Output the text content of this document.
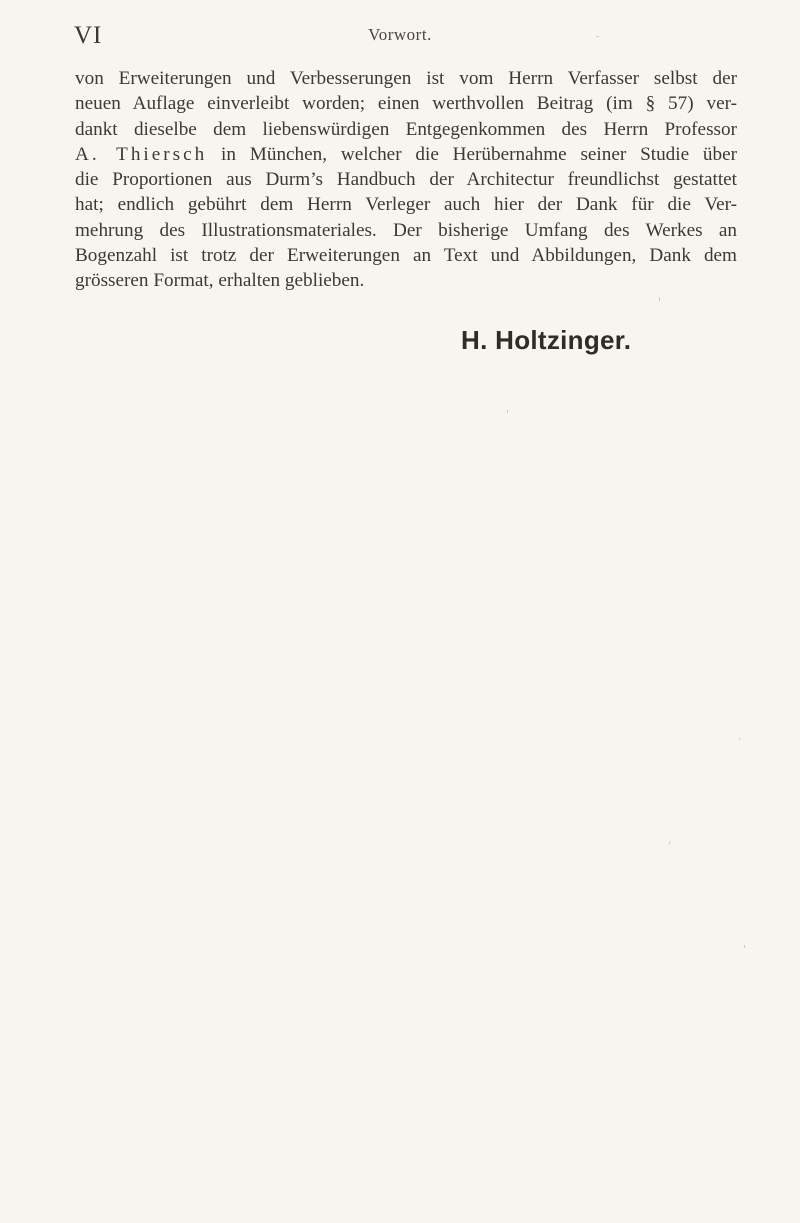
VI	Vorwort.
von Erweiterungen und Verbesserungen ist vom Herrn Verfasser selbst der
neuen Auflage einverleibt worden; einen werthvollen Beitrag (im § 57) ver-
dankt dieselbe dem liebenswürdigen Entgegenkommen des Herrn Professor
A. Thiersch in München, welcher die Herübernahme seiner Studie über
die Proportionen aus Durm’s Handbuch der Architectur freundlichst gestattet
hat; endlich gebührt dem Herrn Verleger auch hier der Dank für die Ver-
mehrung des Illustrationsmateriales. Der bisherige Umfang des Werkes an
Bogenzahl ist trotz der Erweiterungen an Text und Abbildungen, Dank dem
grösseren Format, erhalten geblieben.
H. Holtzinger.
